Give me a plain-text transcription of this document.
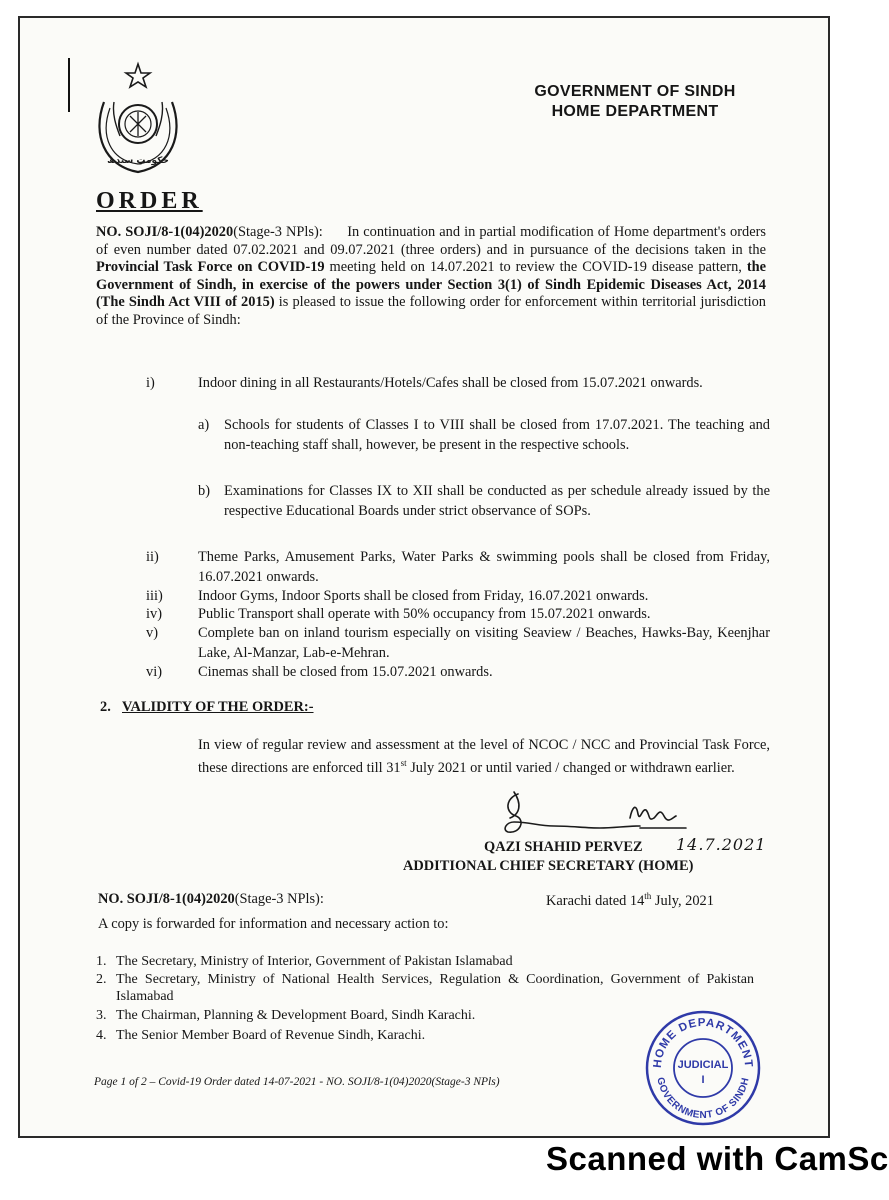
حکومتِ سندھ
GOVERNMENT OF SINDH
HOME DEPARTMENT
ORDER
NO. SOJI/8-1(04)2020(Stage-3 NPls): In continuation and in partial modification of Home department's orders of even number dated 07.02.2021 and 09.07.2021 (three orders) and in pursuance of the decisions taken in the Provincial Task Force on COVID-19 meeting held on 14.07.2021 to review the COVID-19 disease pattern, the Government of Sindh, in exercise of the powers under Section 3(1) of Sindh Epidemic Diseases Act, 2014 (The Sindh Act VIII of 2015) is pleased to issue the following order for enforcement within territorial jurisdiction of the Province of Sindh:
i)	Indoor dining in all Restaurants/Hotels/Cafes shall be closed from 15.07.2021 onwards.
a) Schools for students of Classes I to VIII shall be closed from 17.07.2021. The teaching and non-teaching staff shall, however, be present in the respective schools.
b) Examinations for Classes IX to XII shall be conducted as per schedule already issued by the respective Educational Boards under strict observance of SOPs.
ii)	Theme Parks, Amusement Parks, Water Parks & swimming pools shall be closed from Friday, 16.07.2021 onwards.
iii) Indoor Gyms, Indoor Sports shall be closed from Friday, 16.07.2021 onwards.
iv)	Public Transport shall operate with 50% occupancy from 15.07.2021 onwards.
v)	Complete ban on inland tourism especially on visiting Seaview / Beaches, Hawks-Bay, Keenjhar Lake, Al-Manzar, Lab-e-Mehran.
vi)	Cinemas shall be closed from 15.07.2021 onwards.
2. VALIDITY OF THE ORDER:-
In view of regular review and assessment at the level of NCOC / NCC and Provincial Task Force, these directions are enforced till 31st July 2021 or until varied / changed or withdrawn earlier.
QAZI SHAHID PERVEZ 14.7.2021
ADDITIONAL CHIEF SECRETARY (HOME)
NO. SOJI/8-1(04)2020(Stage-3 NPls):	Karachi dated 14th July, 2021
A copy is forwarded for information and necessary action to:
1. The Secretary, Ministry of Interior, Government of Pakistan Islamabad
2. The Secretary, Ministry of National Health Services, Regulation & Coordination, Government of Pakistan Islamabad
3. The Chairman, Planning & Development Board, Sindh Karachi.
4. The Senior Member Board of Revenue Sindh, Karachi.
HOME DEPARTMENT
GOVERNMENT OF SINDH
JUDICIAL
I
Page 1 of 2 – Covid-19 Order dated 14-07-2021 - NO. SOJI/8-1(04)2020(Stage-3 NPls)
Scanned with CamSc
